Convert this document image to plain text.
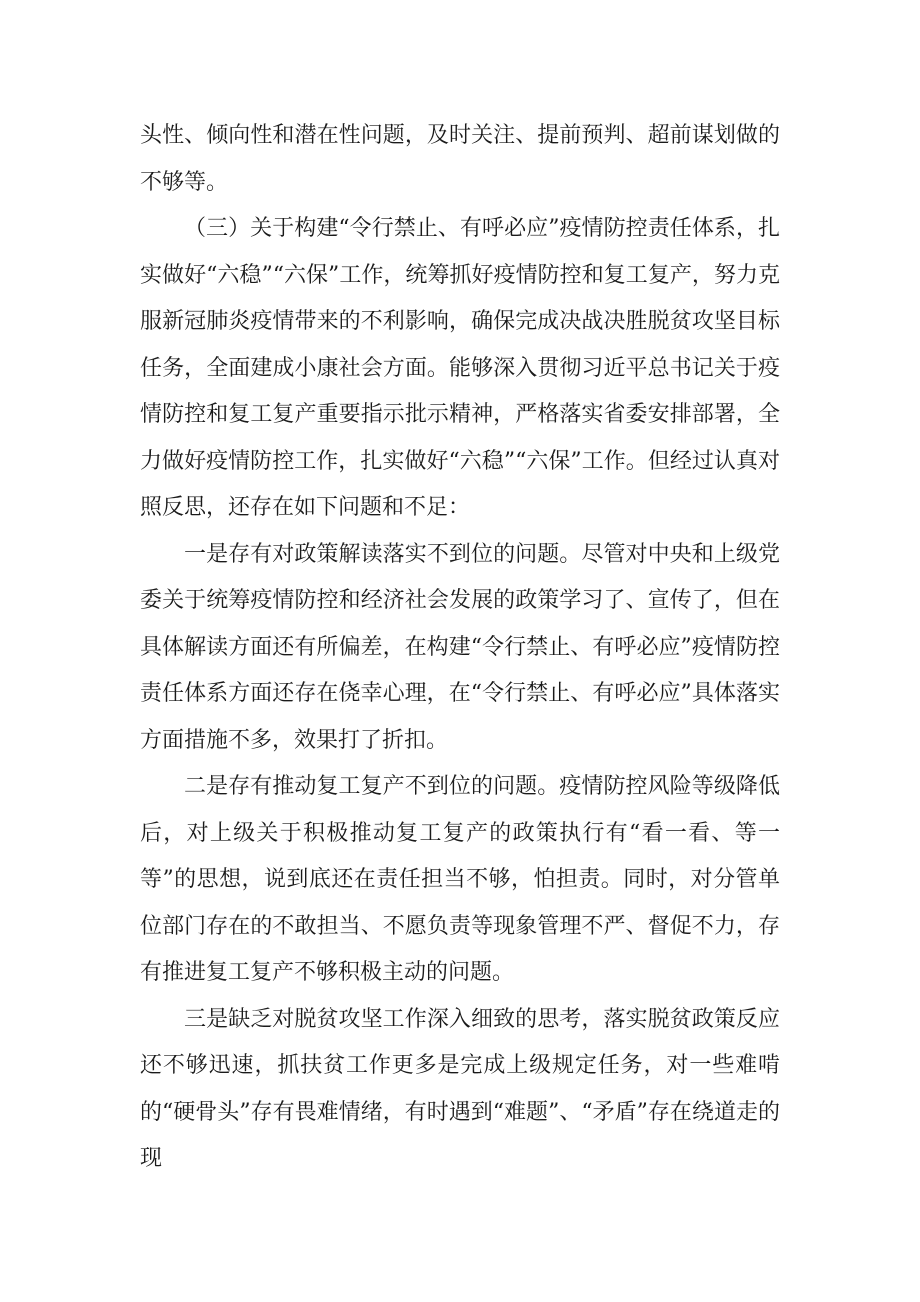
头性、倾向性和潜在性问题，及时关注、提前预判、超前谋划做的不够等。

（三）关于构建“令行禁止、有呼必应”疫情防控责任体系，扎实做好“六稳”“六保”工作，统筹抓好疫情防控和复工复产，努力克服新冠肺炎疫情带来的不利影响，确保完成决战决胜脱贫攻坚目标任务，全面建成小康社会方面。能够深入贯彻习近平总书记关于疫情防控和复工复产重要指示批示精神，严格落实省委安排部署，全力做好疫情防控工作，扎实做好“六稳”“六保”工作。但经过认真对照反思，还存在如下问题和不足：

一是存有对政策解读落实不到位的问题。尽管对中央和上级党委关于统筹疫情防控和经济社会发展的政策学习了、宣传了，但在具体解读方面还有所偏差，在构建“令行禁止、有呼必应”疫情防控责任体系方面还存在侥幸心理，在“令行禁止、有呼必应”具体落实方面措施不多，效果打了折扣。

二是存有推动复工复产不到位的问题。疫情防控风险等级降低后，对上级关于积极推动复工复产的政策执行有“看一看、等一等”的思想，说到底还在责任担当不够，怕担责。同时，对分管单位部门存在的不敢担当、不愿负责等现象管理不严、督促不力，存有推进复工复产不够积极主动的问题。

三是缺乏对脱贫攻坚工作深入细致的思考，落实脱贫政策反应还不够迅速，抓扶贫工作更多是完成上级规定任务，对一些难啃的“硬骨头”存有畏难情绪，有时遇到“难题”、“矛盾”存在绕道走的现
